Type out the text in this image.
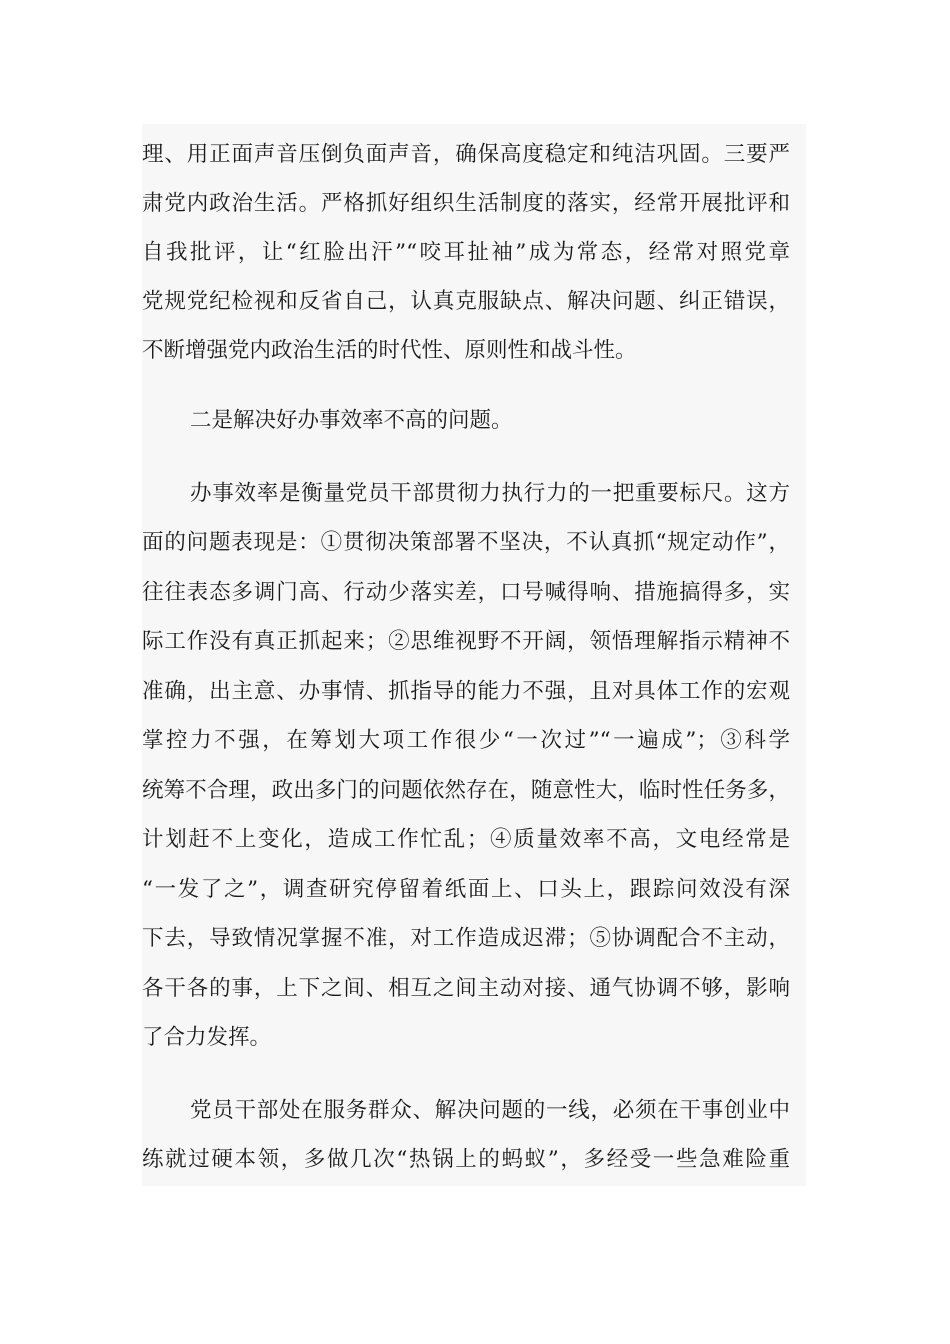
理、用正面声音压倒负面声音，确保高度稳定和纯洁巩固。三要严
肃党内政治生活。严格抓好组织生活制度的落实，经常开展批评和
自我批评，让“红脸出汗”“咬耳扯袖”成为常态，经常对照党章
党规党纪检视和反省自己，认真克服缺点、解决问题、纠正错误，
不断增强党内政治生活的时代性、原则性和战斗性。
二是解决好办事效率不高的问题。
办事效率是衡量党员干部贯彻力执行力的一把重要标尺。这方
面的问题表现是：①贯彻决策部署不坚决，不认真抓“规定动作”，
往往表态多调门高、行动少落实差，口号喊得响、措施搞得多，实
际工作没有真正抓起来；②思维视野不开阔，领悟理解指示精神不
准确，出主意、办事情、抓指导的能力不强，且对具体工作的宏观
掌控力不强，在筹划大项工作很少“一次过”“一遍成”；③科学
统筹不合理，政出多门的问题依然存在，随意性大，临时性任务多，
计划赶不上变化，造成工作忙乱；④质量效率不高，文电经常是
“一发了之”，调查研究停留着纸面上、口头上，跟踪问效没有深
下去，导致情况掌握不准，对工作造成迟滞；⑤协调配合不主动，
各干各的事，上下之间、相互之间主动对接、通气协调不够，影响
了合力发挥。
党员干部处在服务群众、解决问题的一线，必须在干事创业中
练就过硬本领，多做几次“热锅上的蚂蚁”，多经受一些急难险重
